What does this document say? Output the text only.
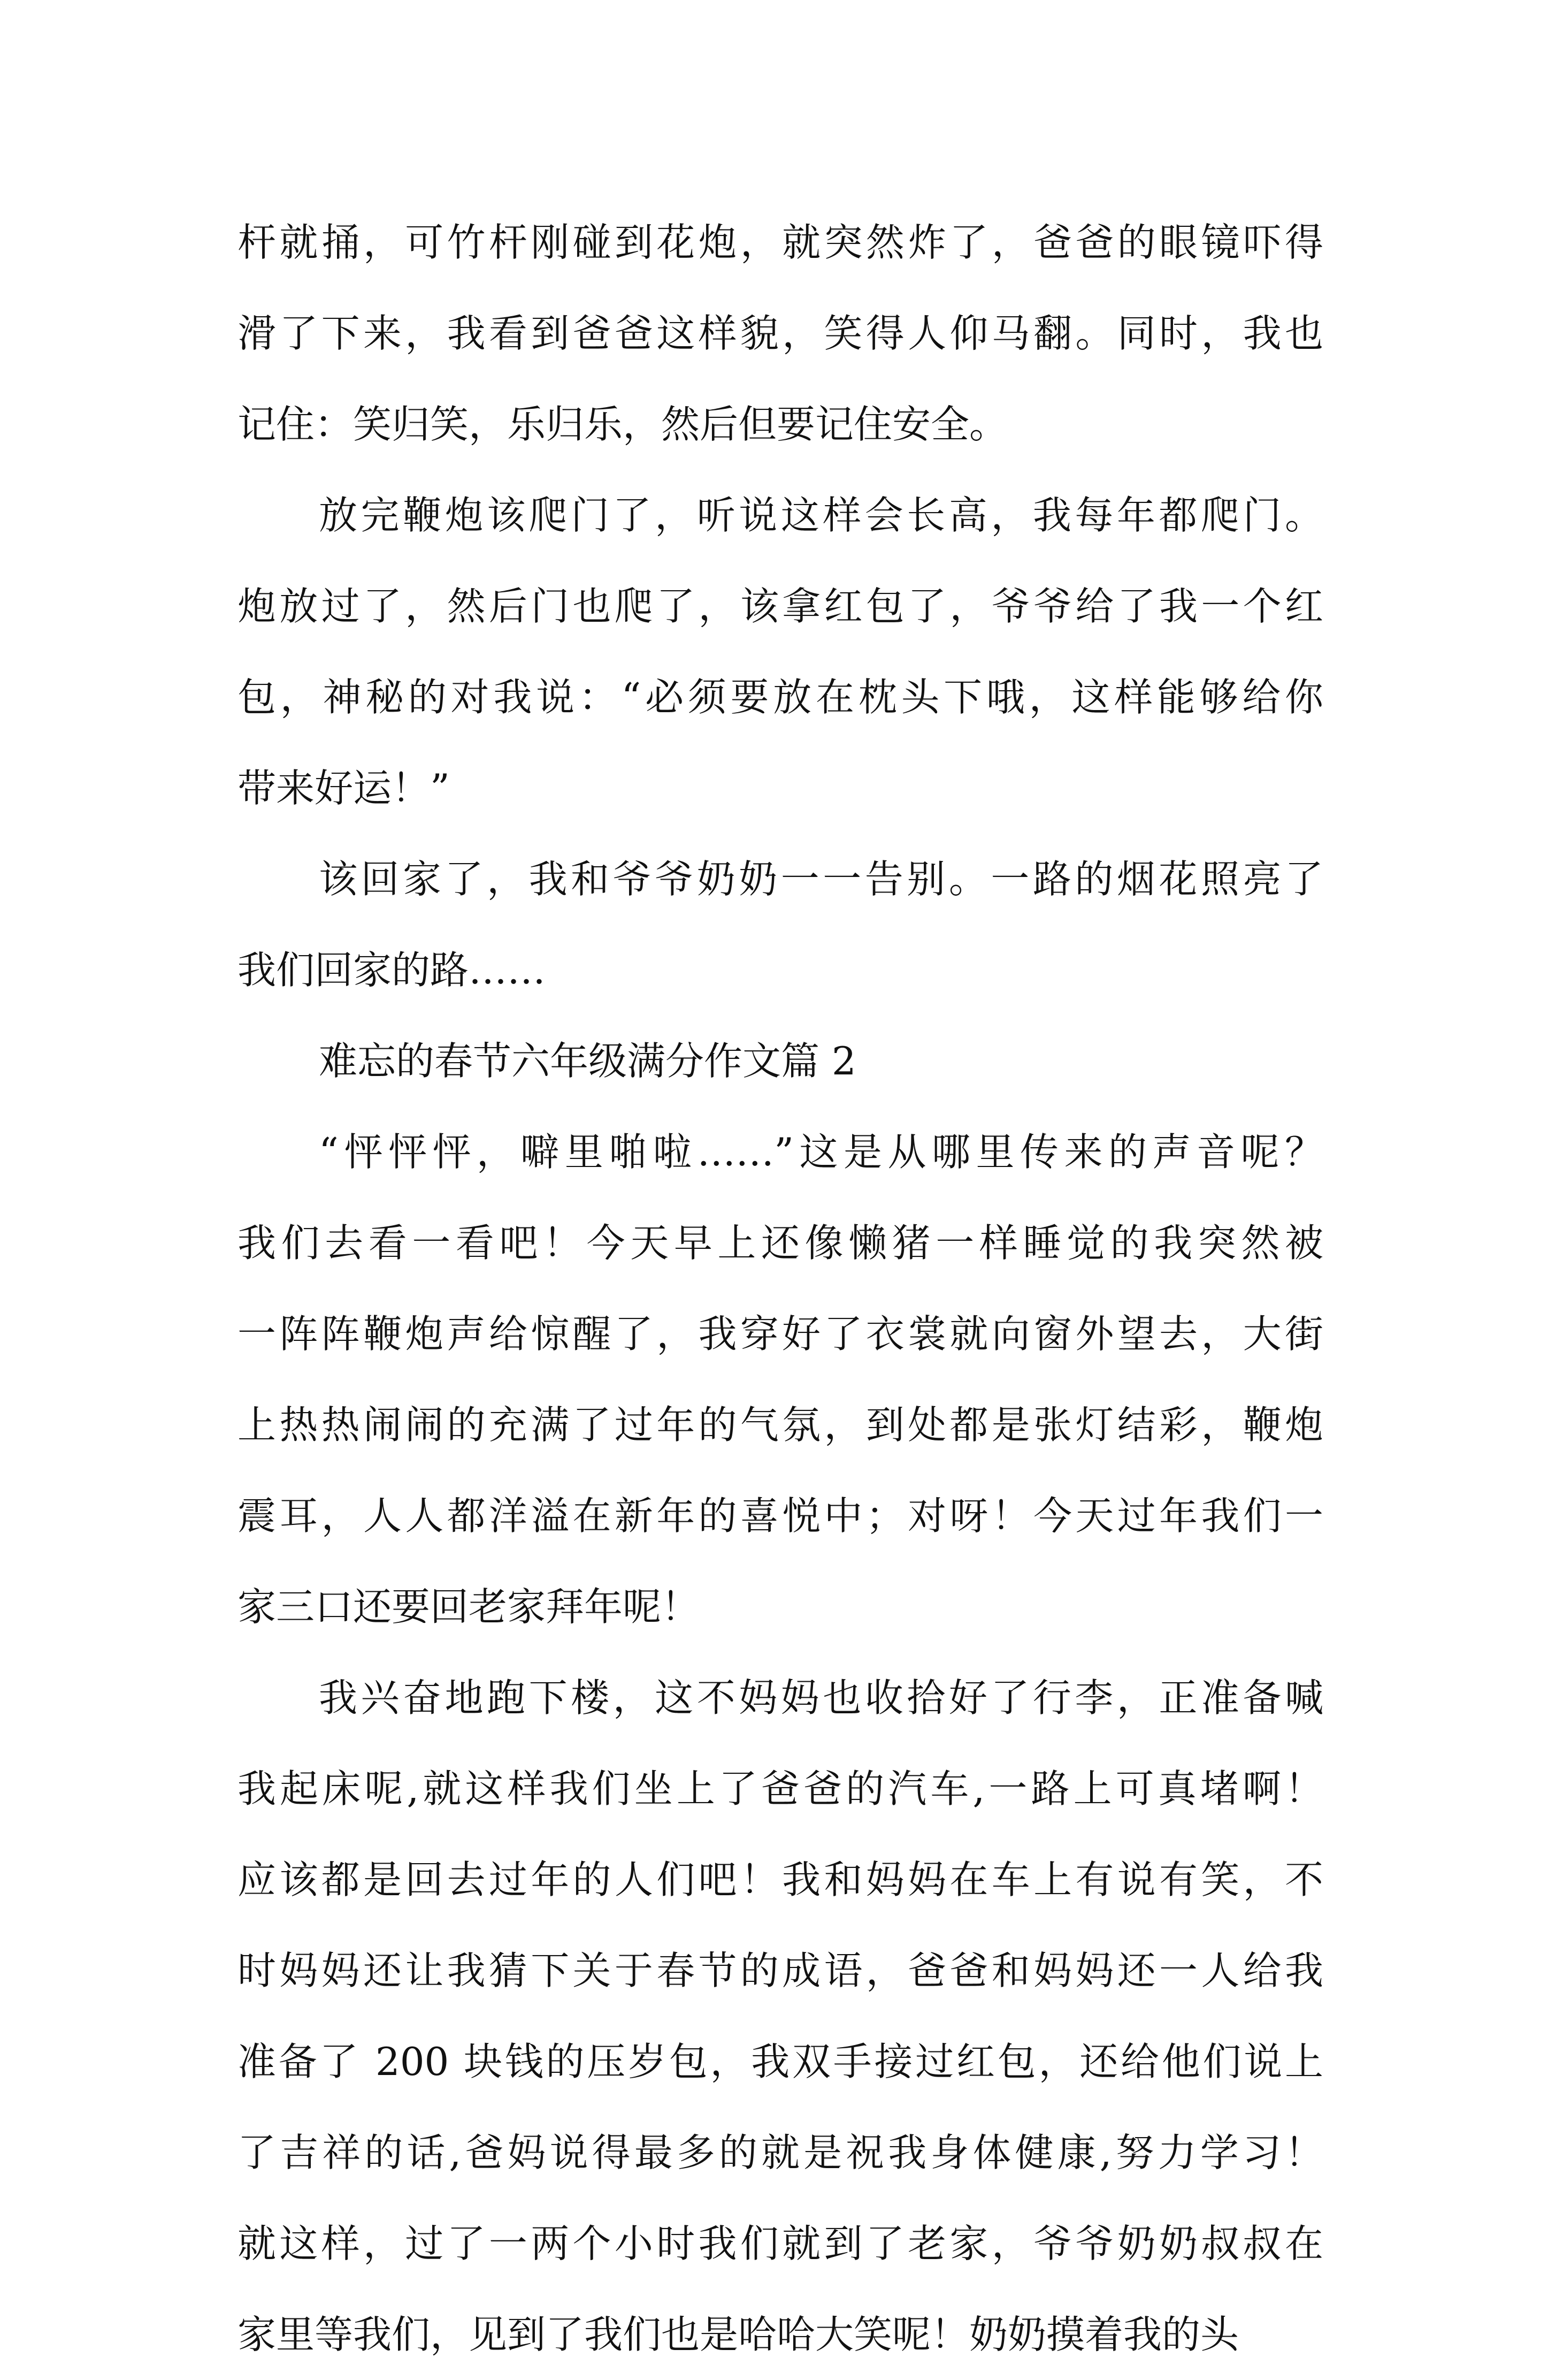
杆就捅，可竹杆刚碰到花炮，就突然炸了，爸爸的眼镜吓得
滑了下来，我看到爸爸这样貌，笑得人仰马翻。同时，我也
记住：笑归笑，乐归乐，然后但要记住安全。
放完鞭炮该爬门了，听说这样会长高，我每年都爬门。
炮放过了，然后门也爬了，该拿红包了，爷爷给了我一个红
包，神秘的对我说：“必须要放在枕头下哦，这样能够给你
带来好运！”
该回家了，我和爷爷奶奶一一告别。一路的烟花照亮了
我们回家的路……
难忘的春节六年级满分作文篇 2
“怦怦怦，噼里啪啦……”这是从哪里传来的声音呢？
我们去看一看吧！今天早上还像懒猪一样睡觉的我突然被
一阵阵鞭炮声给惊醒了，我穿好了衣裳就向窗外望去，大街
上热热闹闹的充满了过年的气氛，到处都是张灯结彩，鞭炮
震耳，人人都洋溢在新年的喜悦中；对呀！今天过年我们一
家三口还要回老家拜年呢！
我兴奋地跑下楼，这不妈妈也收拾好了行李，正准备喊
我起床呢,就这样我们坐上了爸爸的汽车,一路上可真堵啊！
应该都是回去过年的人们吧！我和妈妈在车上有说有笑，不
时妈妈还让我猜下关于春节的成语，爸爸和妈妈还一人给我
准备了 200 块钱的压岁包，我双手接过红包，还给他们说上
了吉祥的话,爸妈说得最多的就是祝我身体健康,努力学习！
就这样，过了一两个小时我们就到了老家，爷爷奶奶叔叔在
家里等我们，见到了我们也是哈哈大笑呢！奶奶摸着我的头
